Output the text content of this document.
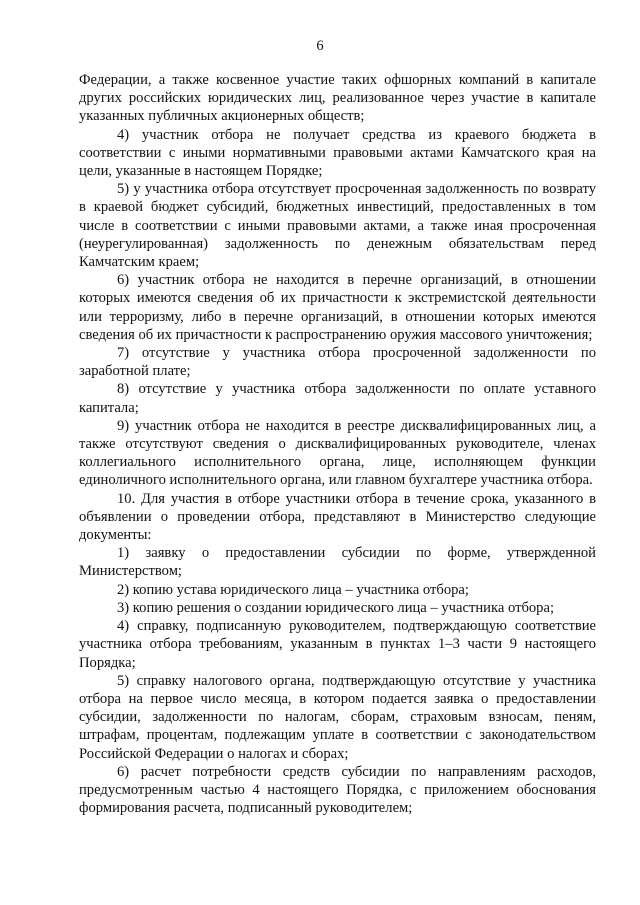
6

Федерации, а также косвенное участие таких офшорных компаний в капитале других российских юридических лиц, реализованное через участие в капитале указанных публичных акционерных обществ;

4) участник отбора не получает средства из краевого бюджета в соответствии с иными нормативными правовыми актами Камчатского края на цели, указанные в настоящем Порядке;

5) у участника отбора отсутствует просроченная задолженность по возврату в краевой бюджет субсидий, бюджетных инвестиций, предоставленных в том числе в соответствии с иными правовыми актами, а также иная просроченная (неурегулированная) задолженность по денежным обязательствам перед Камчатским краем;

6) участник отбора не находится в перечне организаций, в отношении которых имеются сведения об их причастности к экстремистской деятельности или терроризму, либо в перечне организаций, в отношении которых имеются сведения об их причастности к распространению оружия массового уничтожения;

7) отсутствие у участника отбора просроченной задолженности по заработной плате;

8) отсутствие у участника отбора задолженности по оплате уставного капитала;

9) участник отбора не находится в реестре дисквалифицированных лиц, а также отсутствуют сведения о дисквалифицированных руководителе, членах коллегиального исполнительного органа, лице, исполняющем функции единоличного исполнительного органа, или главном бухгалтере участника отбора.

10. Для участия в отборе участники отбора в течение срока, указанного в объявлении о проведении отбора, представляют в Министерство следующие документы:

1) заявку о предоставлении субсидии по форме, утвержденной Министерством;

2) копию устава юридического лица – участника отбора;

3) копию решения о создании юридического лица – участника отбора;

4) справку, подписанную руководителем, подтверждающую соответствие участника отбора требованиям, указанным в пунктах 1–3 части 9 настоящего Порядка;

5) справку налогового органа, подтверждающую отсутствие у участника отбора на первое число месяца, в котором подается заявка о предоставлении субсидии, задолженности по налогам, сборам, страховым взносам, пеням, штрафам, процентам, подлежащим уплате в соответствии с законодательством Российской Федерации о налогах и сборах;

6) расчет потребности средств субсидии по направлениям расходов, предусмотренным частью 4 настоящего Порядка, с приложением обоснования формирования расчета, подписанный руководителем;
